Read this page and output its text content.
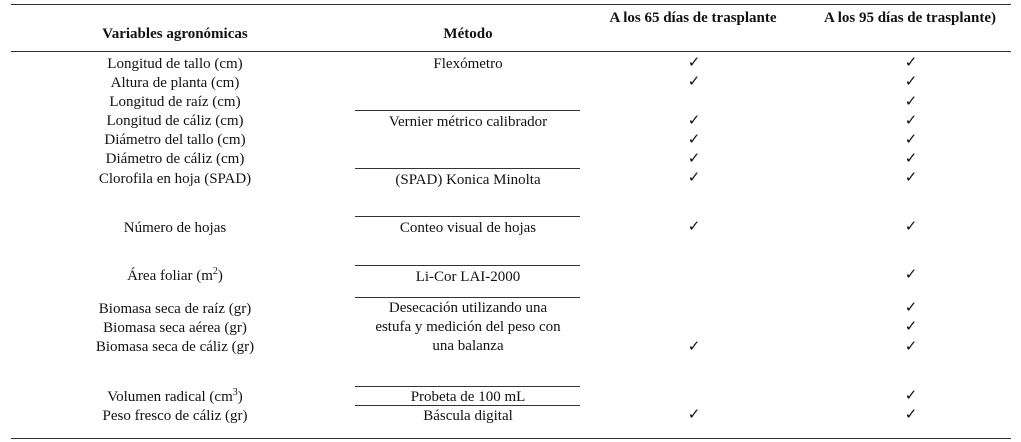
Variables agronómicas	Método
A los 65 días de trasplante	A los 95 días de trasplante)
Longitud de tallo (cm)
Altura de planta (cm)
Longitud de raíz (cm)
Longitud de cáliz (cm)
Diámetro del tallo (cm)
Diámetro de cáliz (cm)
Clorofila en hoja (SPAD)
Número de hojas
Área foliar $(m^2)$
Biomasa seca de raíz (gr)
Biomasa seca aérea (gr)
Biomasa seca de cáliz (gr)
Volumen radical $(cm^3)$
Peso fresco de cáliz (gr)
Flexómetro
Vernier métrico calibrador
(SPAD) Konica Minolta
Conteo visual de hojas
Li-Cor LAI-2000
Desecación utilizando una
estufa y medición del peso con
una balanza
Probeta de 100 mL
Báscula digital
✓
✓
✓
✓
✓
✓
✓
✓
✓
✓
✓
✓
✓
✓
✓
✓
✓
✓
✓
✓
✓
✓
✓
